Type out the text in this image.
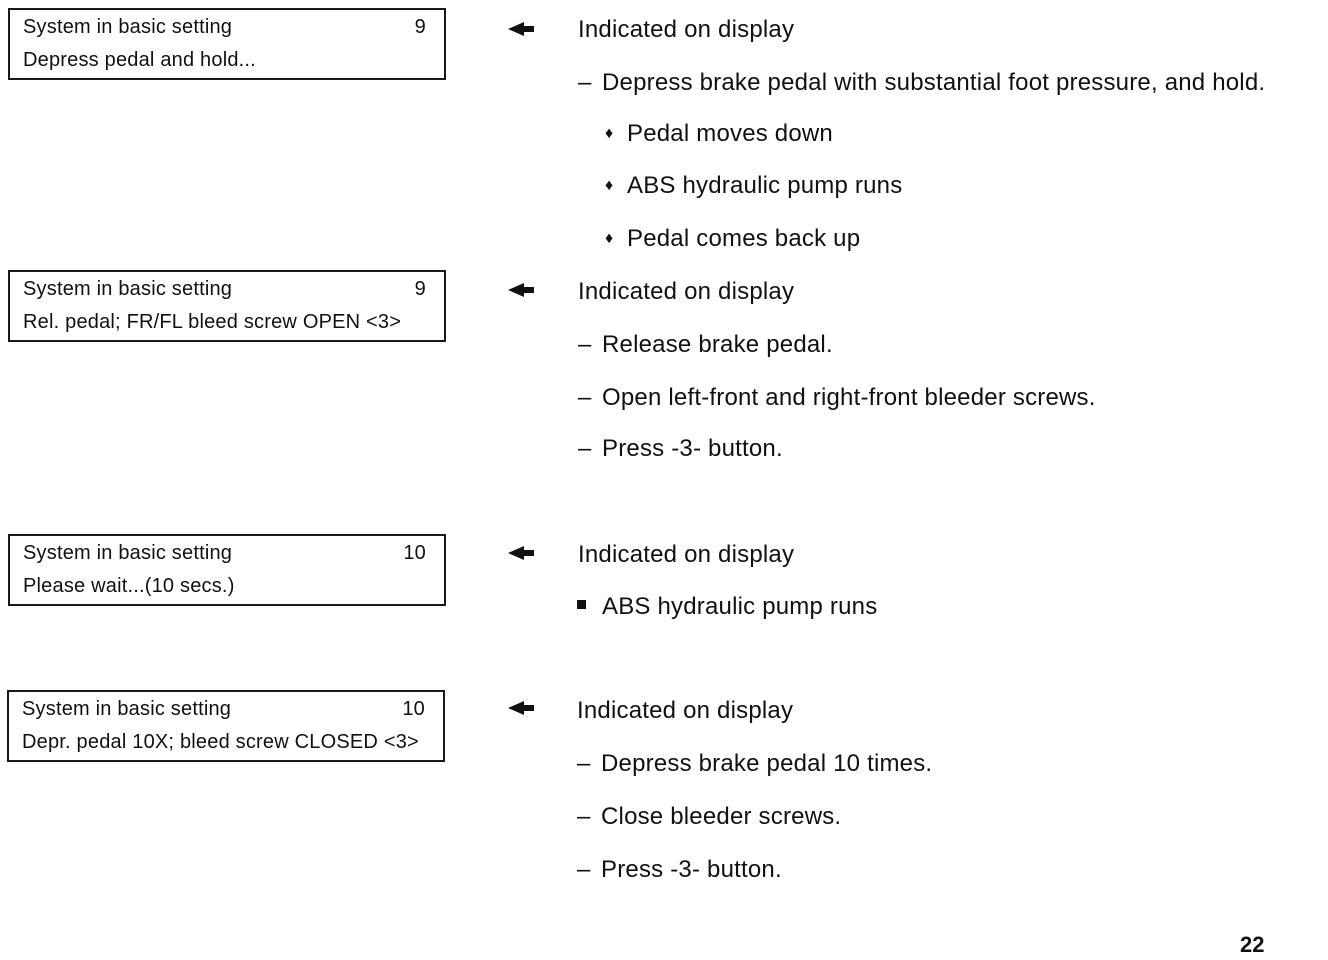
System in basic setting	9
Depress pedal and hold...
Indicated on display
– Depress brake pedal with substantial foot pressure, and hold.
♦ Pedal moves down
♦ ABS hydraulic pump runs
♦ Pedal comes back up
System in basic setting	9
Rel. pedal; FR/FL bleed screw OPEN <3>
Indicated on display
– Release brake pedal.
– Open left-front and right-front bleeder screws.
– Press -3- button.
System in basic setting	10
Please wait...(10 secs.)
Indicated on display
ABS hydraulic pump runs
System in basic setting	10
Depr. pedal 10X; bleed screw CLOSED <3>
Indicated on display
– Depress brake pedal 10 times.
– Close bleeder screws.
– Press -3- button.
22
